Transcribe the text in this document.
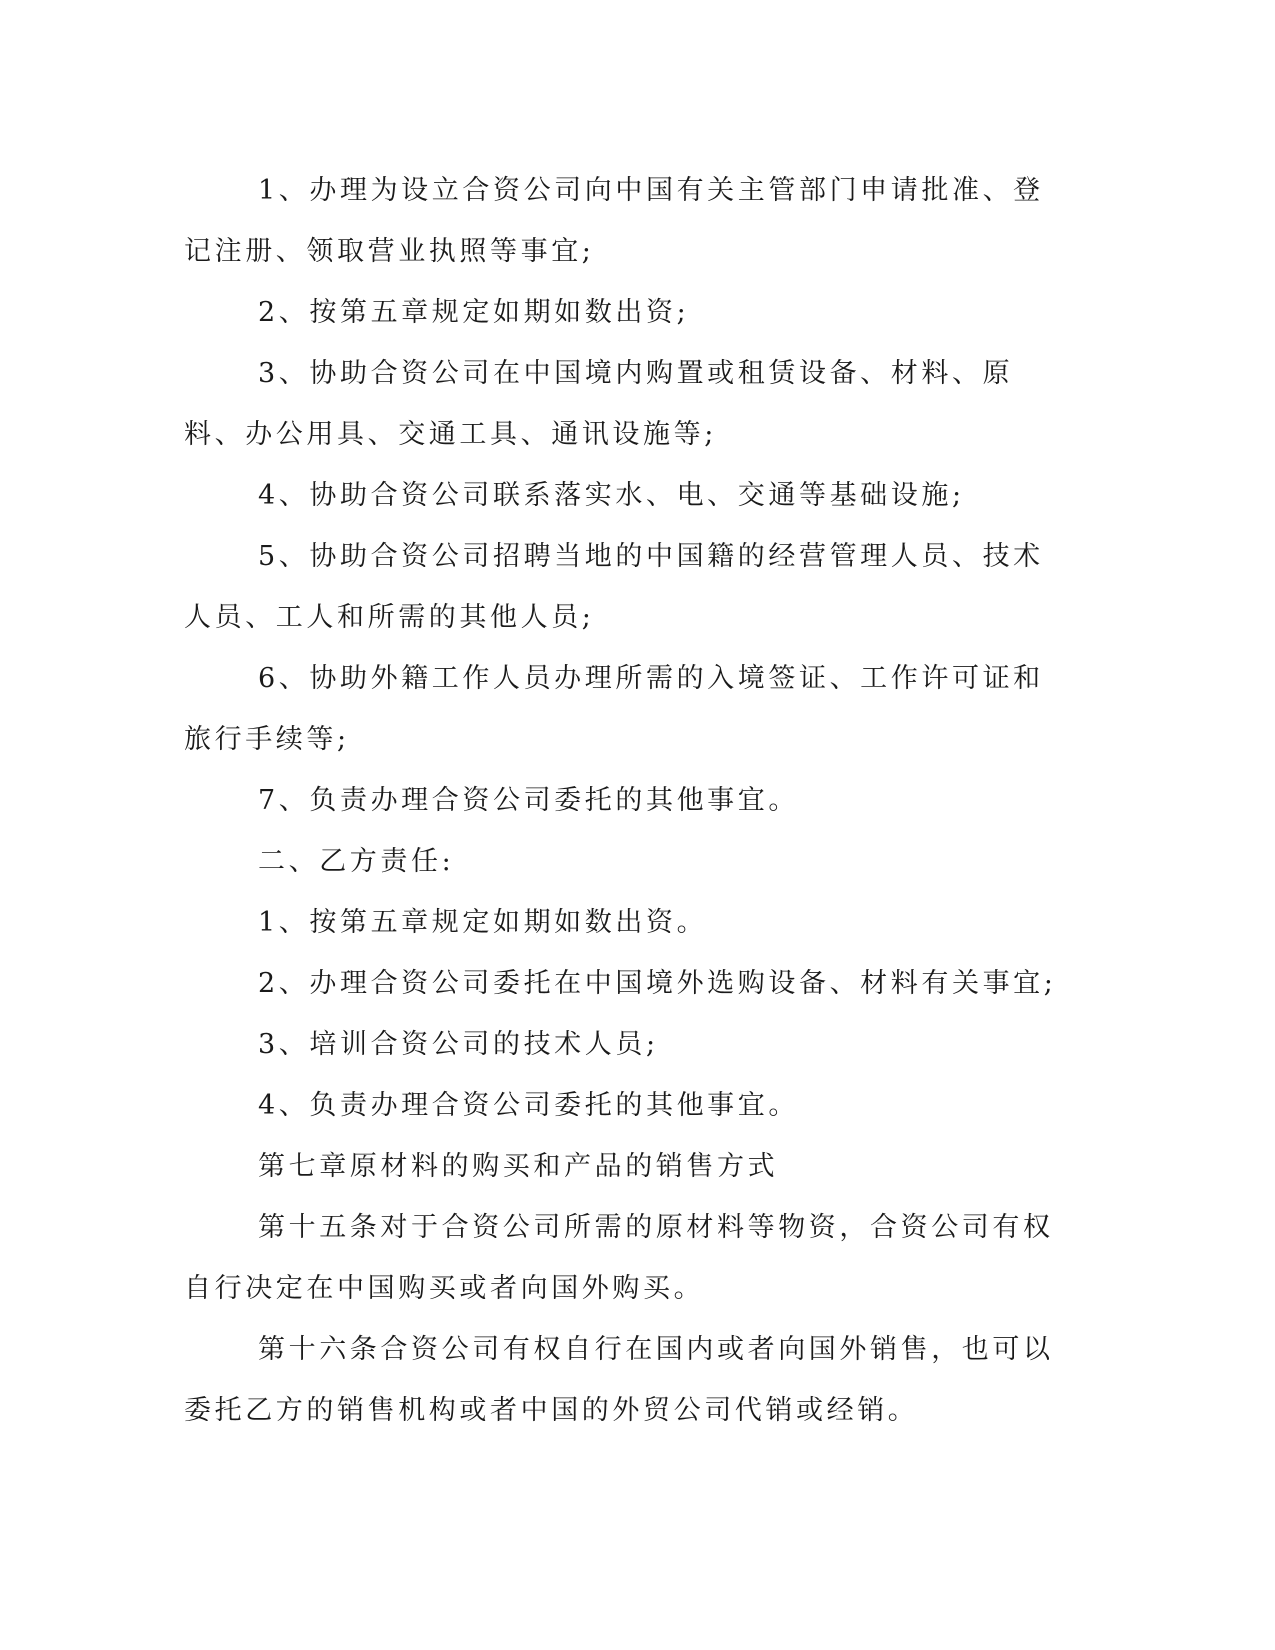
1、办理为设立合资公司向中国有关主管部门申请批准、登记注册、领取营业执照等事宜;

2、按第五章规定如期如数出资;

3、协助合资公司在中国境内购置或租赁设备、材料、原料、办公用具、交通工具、通讯设施等;

4、协助合资公司联系落实水、电、交通等基础设施;

5、协助合资公司招聘当地的中国籍的经营管理人员、技术人员、工人和所需的其他人员;

6、协助外籍工作人员办理所需的入境签证、工作许可证和旅行手续等;

7、负责办理合资公司委托的其他事宜。

二、乙方责任:

1、按第五章规定如期如数出资。

2、办理合资公司委托在中国境外选购设备、材料有关事宜;

3、培训合资公司的技术人员;

4、负责办理合资公司委托的其他事宜。

第七章原材料的购买和产品的销售方式

第十五条对于合资公司所需的原材料等物资，合资公司有权自行决定在中国购买或者向国外购买。

第十六条合资公司有权自行在国内或者向国外销售，也可以委托乙方的销售机构或者中国的外贸公司代销或经销。
